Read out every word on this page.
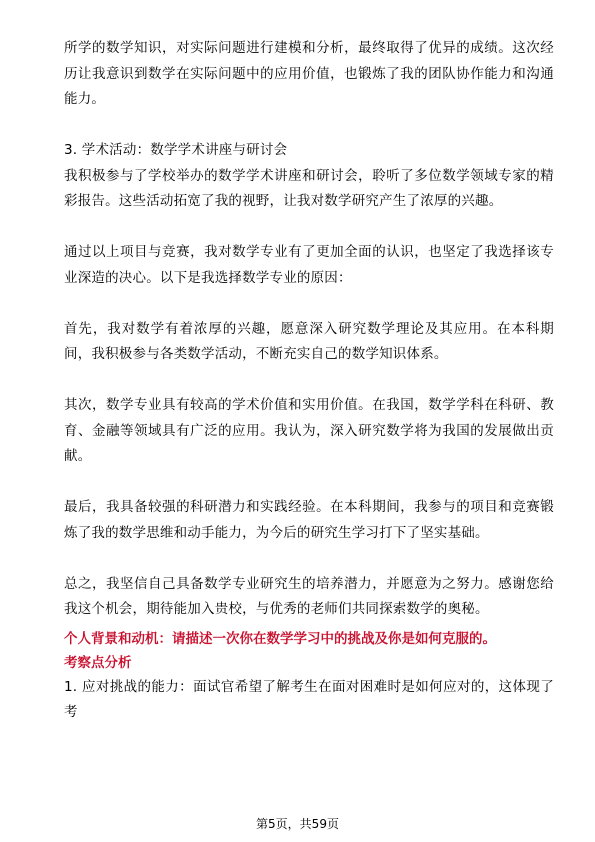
所学的数学知识，对实际问题进行建模和分析，最终取得了优异的成绩。这次经历让我意识到数学在实际问题中的应用价值，也锻炼了我的团队协作能力和沟通能力。

3. 学术活动：数学学术讲座与研讨会

我积极参与了学校举办的数学学术讲座和研讨会，聆听了多位数学领域专家的精彩报告。这些活动拓宽了我的视野，让我对数学研究产生了浓厚的兴趣。

通过以上项目与竞赛，我对数学专业有了更加全面的认识，也坚定了我选择该专业深造的决心。以下是我选择数学专业的原因：

首先，我对数学有着浓厚的兴趣，愿意深入研究数学理论及其应用。在本科期间，我积极参与各类数学活动，不断充实自己的数学知识体系。

其次，数学专业具有较高的学术价值和实用价值。在我国，数学学科在科研、教育、金融等领域具有广泛的应用。我认为，深入研究数学将为我国的发展做出贡献。

最后，我具备较强的科研潜力和实践经验。在本科期间，我参与的项目和竞赛锻炼了我的数学思维和动手能力，为今后的研究生学习打下了坚实基础。

总之，我坚信自己具备数学专业研究生的培养潜力，并愿意为之努力。感谢您给我这个机会，期待能加入贵校，与优秀的老师们共同探索数学的奥秘。

个人背景和动机：请描述一次你在数学学习中的挑战及你是如何克服的。

考察点分析

1. 应对挑战的能力：面试官希望了解考生在面对困难时是如何应对的，这体现了考

第5页，共59页
